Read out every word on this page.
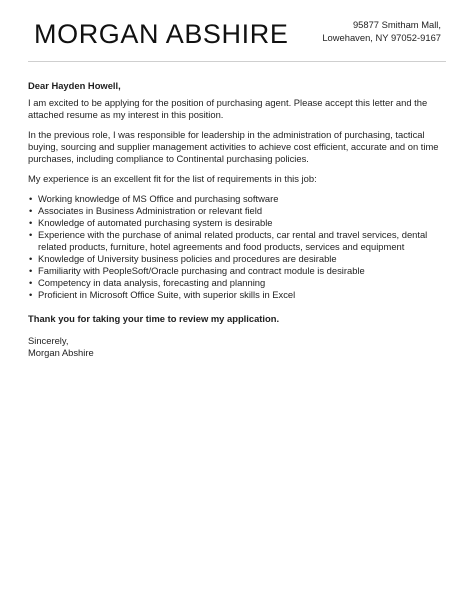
MORGAN ABSHIRE	95877 Smitham Mall,
Lowehaven, NY 97052-9167

Dear Hayden Howell,

I am excited to be applying for the position of purchasing agent. Please accept this letter and the attached resume as my interest in this position.

In the previous role, I was responsible for leadership in the administration of purchasing, tactical buying, sourcing and supplier management activities to achieve cost efficient, accurate and on time purchases, including compliance to Continental purchasing policies.

My experience is an excellent fit for the list of requirements in this job:

• Working knowledge of MS Office and purchasing software
• Associates in Business Administration or relevant field
• Knowledge of automated purchasing system is desirable
• Experience with the purchase of animal related products, car rental and travel services, dental related products, furniture, hotel agreements and food products, services and equipment
• Knowledge of University business policies and procedures are desirable
• Familiarity with PeopleSoft/Oracle purchasing and contract module is desirable
• Competency in data analysis, forecasting and planning
• Proficient in Microsoft Office Suite, with superior skills in Excel

Thank you for taking your time to review my application.

Sincerely,

Morgan Abshire
